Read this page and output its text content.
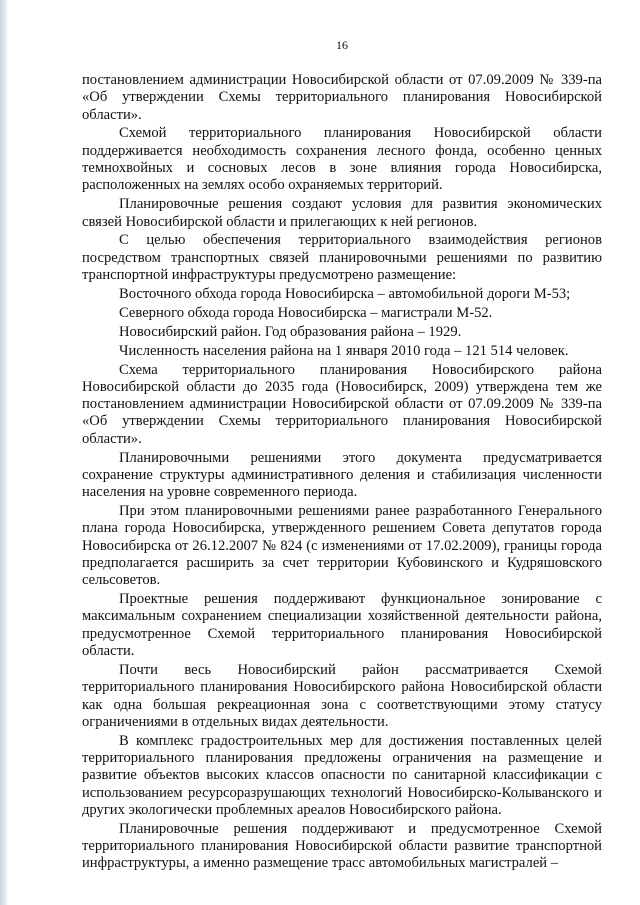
16

постановлением администрации Новосибирской области от 07.09.2009 № 339-па «Об утверждении Схемы территориального планирования Новосибирской области».

Схемой территориального планирования Новосибирской области поддерживается необходимость сохранения лесного фонда, особенно ценных темнохвойных и сосновых лесов в зоне влияния города Новосибирска, расположенных на землях особо охраняемых территорий.

Планировочные решения создают условия для развития экономических связей Новосибирской области и прилегающих к ней регионов.

С целью обеспечения территориального взаимодействия регионов посредством транспортных связей планировочными решениями по развитию транспортной инфраструктуры предусмотрено размещение:

Восточного обхода города Новосибирска – автомобильной дороги М-53;

Северного обхода города Новосибирска – магистрали М-52.

Новосибирский район. Год образования района – 1929.

Численность населения района на 1 января 2010 года – 121 514 человек.

Схема территориального планирования Новосибирского района Новосибирской области до 2035 года (Новосибирск, 2009) утверждена тем же постановлением администрации Новосибирской области от 07.09.2009 № 339-па «Об утверждении Схемы территориального планирования Новосибирской области».

Планировочными решениями этого документа предусматривается сохранение структуры административного деления и стабилизация численности населения на уровне современного периода.

При этом планировочными решениями ранее разработанного Генерального плана города Новосибирска, утвержденного решением Совета депутатов города Новосибирска от 26.12.2007 № 824 (с изменениями от 17.02.2009), границы города предполагается расширить за счет территории Кубовинского и Кудряшовского сельсоветов.

Проектные решения поддерживают функциональное зонирование с максимальным сохранением специализации хозяйственной деятельности района, предусмотренное Схемой территориального планирования Новосибирской области.

Почти весь Новосибирский район рассматривается Схемой территориального планирования Новосибирского района Новосибирской области как одна большая рекреационная зона с соответствующими этому статусу ограничениями в отдельных видах деятельности.

В комплекс градостроительных мер для достижения поставленных целей территориального планирования предложены ограничения на размещение и развитие объектов высоких классов опасности по санитарной классификации с использованием ресурсоразрушающих технологий Новосибирско-Колыванского и других экологически проблемных ареалов Новосибирского района.

Планировочные решения поддерживают и предусмотренное Схемой территориального планирования Новосибирской области развитие транспортной инфраструктуры, а именно размещение трасс автомобильных магистралей –
